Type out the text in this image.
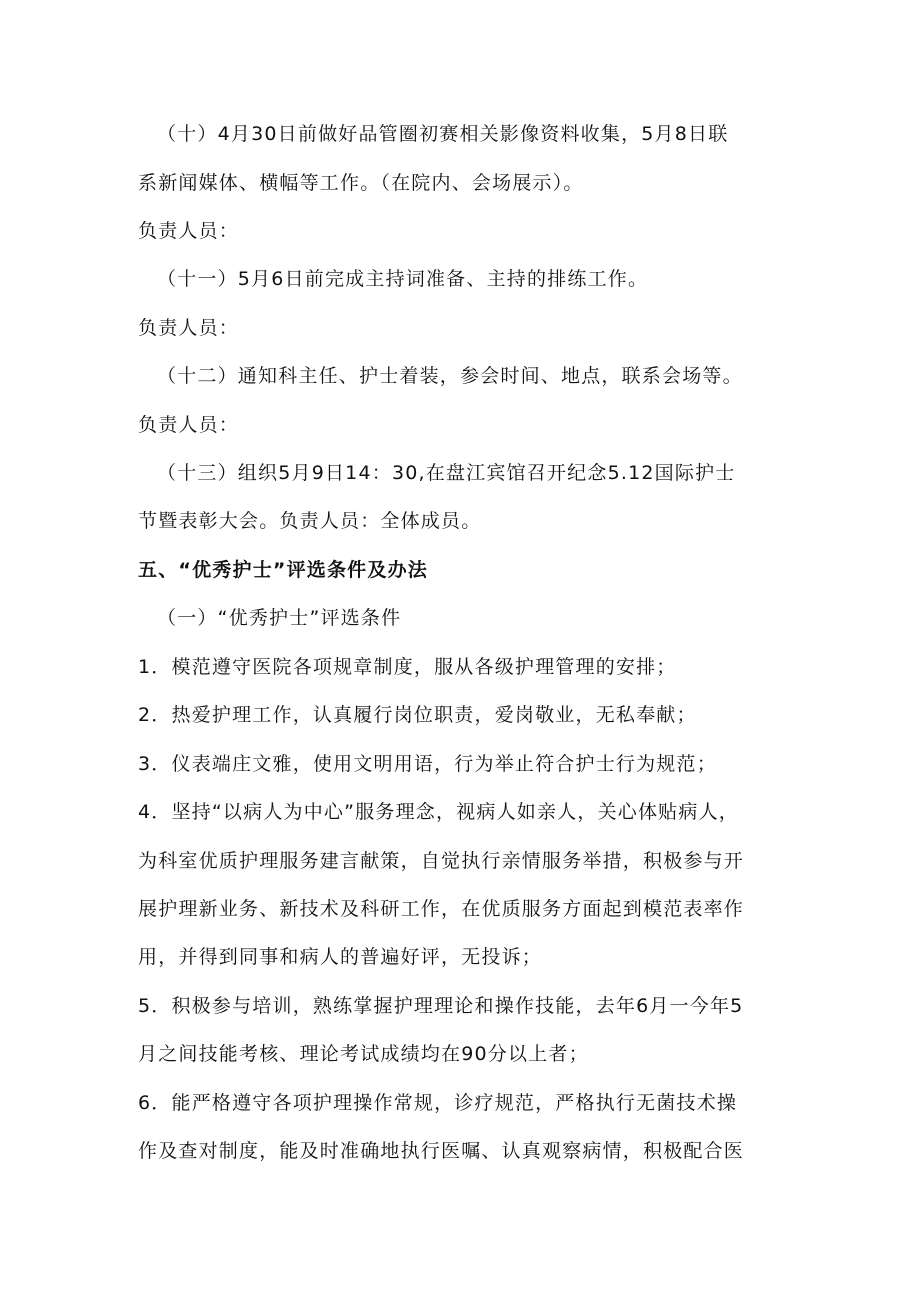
（十）4月30日前做好品管圈初赛相关影像资料收集，5月8日联
系新闻媒体、横幅等工作。（在院内、会场展示）。
负责人员：
（十一）5月6日前完成主持词准备、主持的排练工作。
负责人员：
（十二）通知科主任、护士着装，参会时间、地点，联系会场等。
负责人员：
（十三）组织5月9日14：30,在盘江宾馆召开纪念5.12国际护士
节暨表彰大会。负责人员：全体成员。
五、“优秀护士”评选条件及办法
（一）“优秀护士”评选条件
1．模范遵守医院各项规章制度，服从各级护理管理的安排；
2．热爱护理工作，认真履行岗位职责，爱岗敬业，无私奉献；
3．仪表端庄文雅，使用文明用语，行为举止符合护士行为规范；
4．坚持“以病人为中心”服务理念，视病人如亲人，关心体贴病人，
为科室优质护理服务建言献策，自觉执行亲情服务举措，积极参与开
展护理新业务、新技术及科研工作，在优质服务方面起到模范表率作
用，并得到同事和病人的普遍好评，无投诉；
5．积极参与培训，熟练掌握护理理论和操作技能，去年6月一今年5
月之间技能考核、理论考试成绩均在90分以上者；
6．能严格遵守各项护理操作常规，诊疗规范，严格执行无菌技术操
作及查对制度，能及时准确地执行医嘱、认真观察病情，积极配合医
